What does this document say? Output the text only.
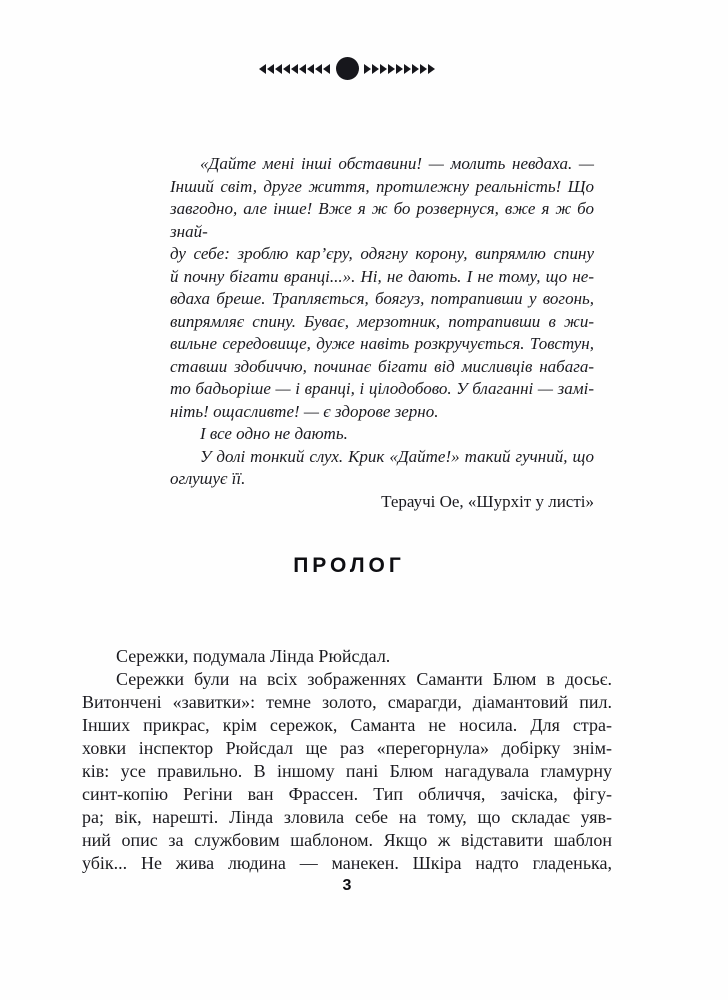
«Дайте мені інші обставини! — молить невдаха. —
Інший світ, друге життя, протилежну реальність! Що
завгодно, але інше! Вже я ж бо розвернуся, вже я ж бо знай-
ду себе: зроблю кар’єру, одягну корону, випрямлю спину
й почну бігати вранці...». Ні, не дають. І не тому, що не-
вдаха бреше. Трапляється, боягуз, потрапивши у вогонь,
випрямляє спину. Буває, мерзотник, потрапивши в жи-
вильне середовище, дуже навіть розкручується. Товстун,
ставши здобиччю, починає бігати від мисливців набага-
то бадьоріше — і вранці, і цілодобово. У благанні — замі-
ніть! ощасливте! — є здорове зерно.
І все одно не дають.
У долі тонкий слух. Крик «Дайте!» такий гучний, що
оглушує її.
Тераучі Ое, «Шурхіт у листі»
ПРОЛОГ
Сережки, подумала Лінда Рюйсдал.
Сережки були на всіх зображеннях Саманти Блюм в досьє.
Витончені «завитки»: темне золото, смарагди, діамантовий пил.
Інших прикрас, крім сережок, Саманта не носила. Для стра-
ховки інспектор Рюйсдал ще раз «перегорнула» добірку знім-
ків: усе правильно. В іншому пані Блюм нагадувала гламурну
синт-копію Регіни ван Фрассен. Тип обличчя, зачіска, фігу-
ра; вік, нарешті. Лінда зловила себе на тому, що складає уяв-
ний опис за службовим шаблоном. Якщо ж відставити шаблон
убік... Не жива людина — манекен. Шкіра надто гладенька,
3
